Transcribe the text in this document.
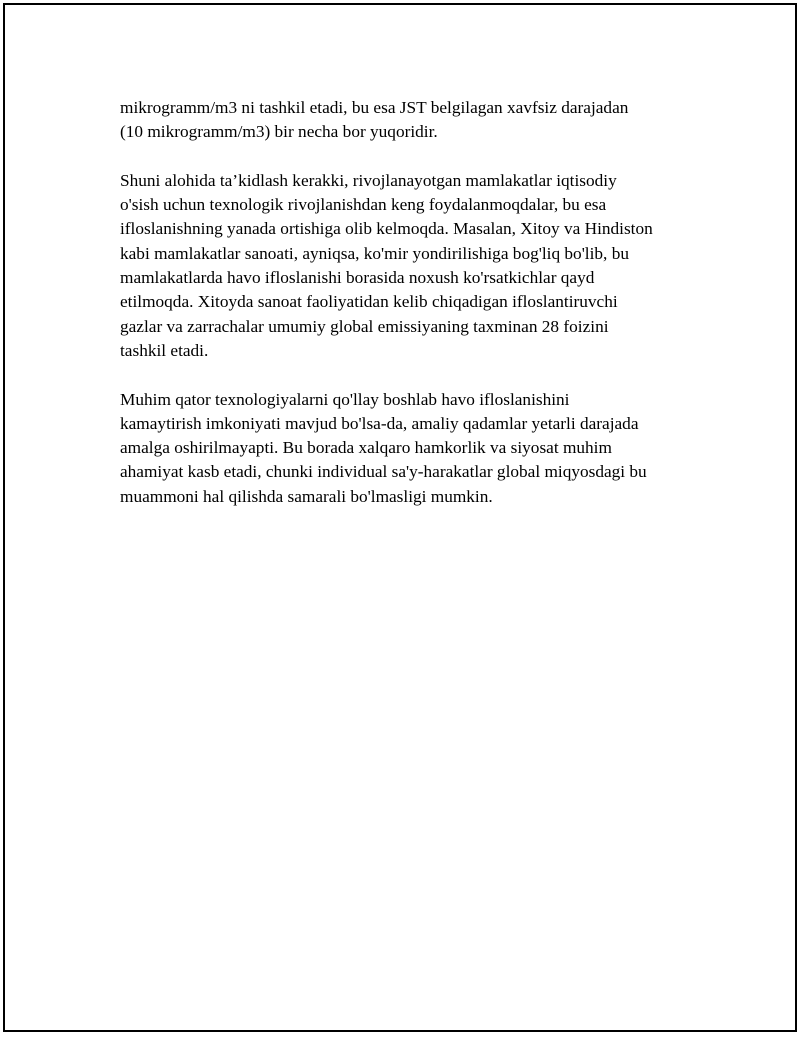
mikrogramm/m3 ni tashkil etadi, bu esa JST belgilagan xavfsiz darajadan
(10 mikrogramm/m3) bir necha bor yuqoridir.

Shuni alohida ta’kidlash kerakki, rivojlanayotgan mamlakatlar iqtisodiy
o'sish uchun texnologik rivojlanishdan keng foydalanmoqdalar, bu esa
ifloslanishning yanada ortishiga olib kelmoqda. Masalan, Xitoy va Hindiston
kabi mamlakatlar sanoati, ayniqsa, ko'mir yondirilishiga bog'liq bo'lib, bu
mamlakatlarda havo ifloslanishi borasida noxush ko'rsatkichlar qayd
etilmoqda. Xitoyda sanoat faoliyatidan kelib chiqadigan ifloslantiruvchi
gazlar va zarrachalar umumiy global emissiyaning taxminan 28 foizini
tashkil etadi.

Muhim qator texnologiyalarni qo'llay boshlab havo ifloslanishini
kamaytirish imkoniyati mavjud bo'lsa-da, amaliy qadamlar yetarli darajada
amalga oshirilmayapti. Bu borada xalqaro hamkorlik va siyosat muhim
ahamiyat kasb etadi, chunki individual sa'y-harakatlar global miqyosdagi bu
muammoni hal qilishda samarali bo'lmasligi mumkin.
